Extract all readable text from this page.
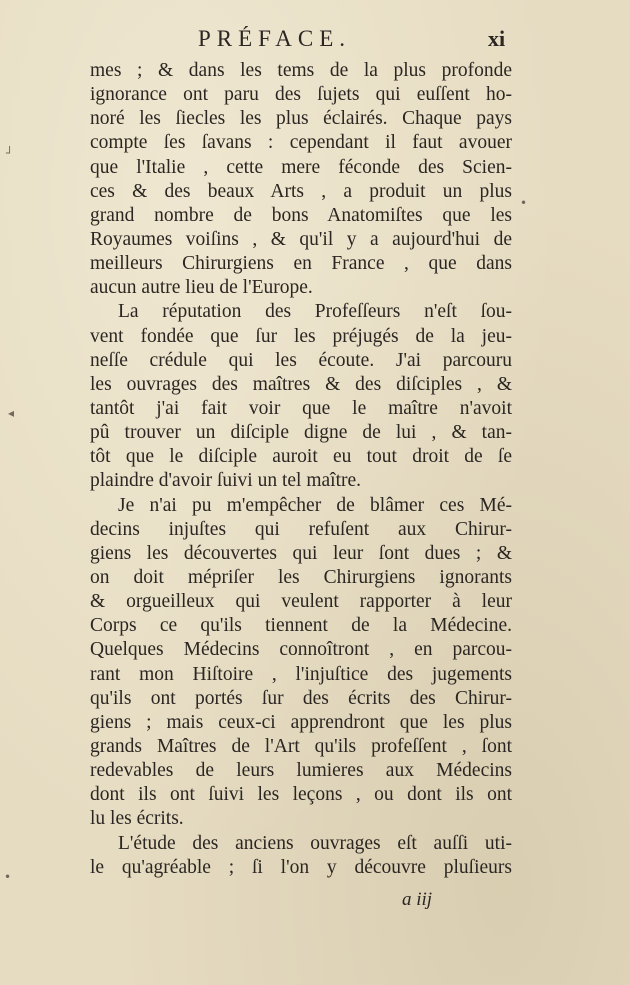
PRÉFACE.	xi
mes ; & dans les tems de la plus profonde
ignorance ont paru des ſujets qui euſſent ho-
noré les ſiecles les plus éclairés. Chaque pays
compte ſes ſavans : cependant il faut avouer
que l'Italie , cette mere féconde des Scien-
ces & des beaux Arts , a produit un plus
grand nombre de bons Anatomiſtes que les
Royaumes voiſins , & qu'il y a aujourd'hui de
meilleurs Chirurgiens en France , que dans
aucun autre lieu de l'Europe.
La réputation des Profeſſeurs n'eſt ſou-
vent fondée que ſur les préjugés de la jeu-
neſſe crédule qui les écoute. J'ai parcouru
les ouvrages des maîtres & des diſciples , &
tantôt j'ai fait voir que le maître n'avoit
pû trouver un diſciple digne de lui , & tan-
tôt que le diſciple auroit eu tout droit de ſe
plaindre d'avoir ſuivi un tel maître.
Je n'ai pu m'empêcher de blâmer ces Mé-
decins injuſtes qui refuſent aux Chirur-
giens les découvertes qui leur ſont dues ; &
on doit mépriſer les Chirurgiens ignorants
& orgueilleux qui veulent rapporter à leur
Corps ce qu'ils tiennent de la Médecine.
Quelques Médecins connoîtront , en parcou-
rant mon Hiſtoire , l'injuſtice des jugements
qu'ils ont portés ſur des écrits des Chirur-
giens ; mais ceux-ci apprendront que les plus
grands Maîtres de l'Art qu'ils profeſſent , ſont
redevables de leurs lumieres aux Médecins
dont ils ont ſuivi les leçons , ou dont ils ont
lu les écrits.
L'étude des anciens ouvrages eſt auſſi uti-
le qu'agréable ; ſi l'on y découvre pluſieurs
a iij
┘
◂
•
•
